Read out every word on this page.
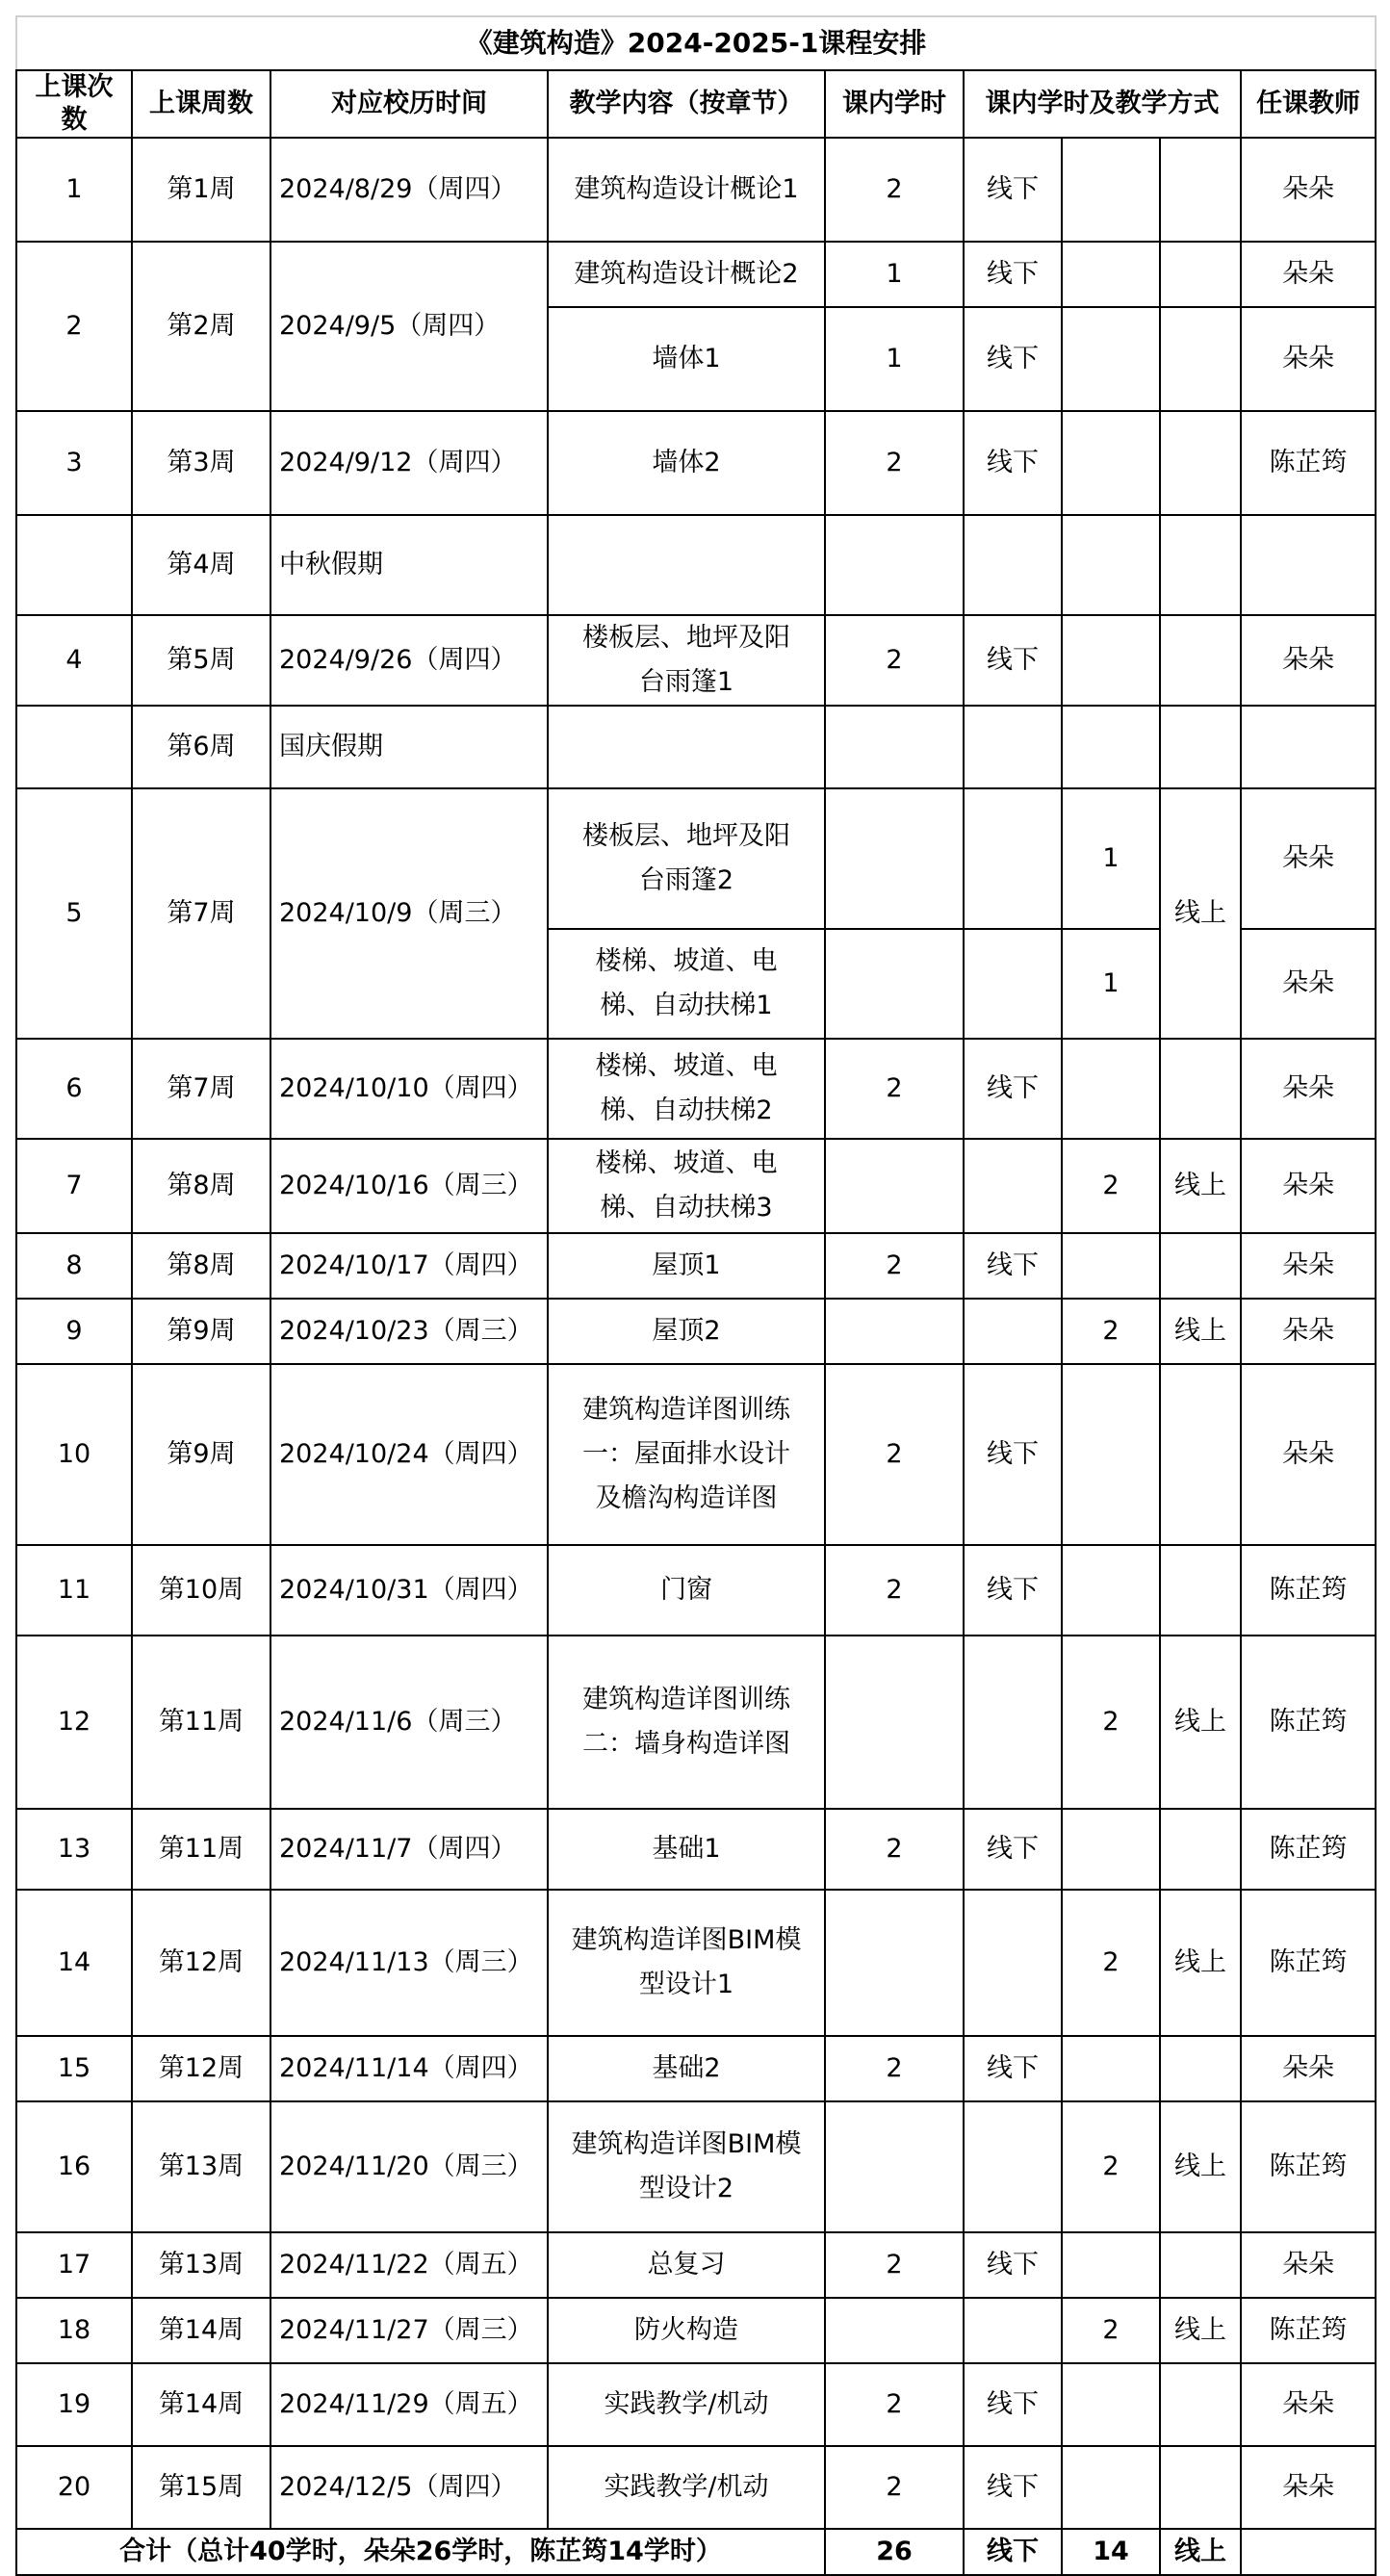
《建筑构造》2024-2025-1课程安排								
上课次数	上课周数	对应校历时间	教学内容（按章节）	课内学时	课内学时及教学方式			任课教师
1	第1周	2024/8/29（周四）	建筑构造设计概论1	2	线下			朵朵
2	第2周	2024/9/5（周四）	建筑构造设计概论2	1	线下			朵朵
			墙体1	1	线下			朵朵
3	第3周	2024/9/12（周四）	墙体2	2	线下			陈芷筠
	第4周	中秋假期						
4	第5周	2024/9/26（周四）	楼板层、地坪及阳台雨篷1	2	线下			朵朵
	第6周	国庆假期						
5	第7周	2024/10/9（周三）	楼板层、地坪及阳台雨篷2			1	线上	朵朵
			楼梯、坡道、电梯、自动扶梯1			1		朵朵
6	第7周	2024/10/10（周四）	楼梯、坡道、电梯、自动扶梯2	2	线下			朵朵
7	第8周	2024/10/16（周三）	楼梯、坡道、电梯、自动扶梯3			2	线上	朵朵
8	第8周	2024/10/17（周四）	屋顶1	2	线下			朵朵
9	第9周	2024/10/23（周三）	屋顶2			2	线上	朵朵
10	第9周	2024/10/24（周四）	建筑构造详图训练一：屋面排水设计及檐沟构造详图	2	线下			朵朵
11	第10周	2024/10/31（周四）	门窗	2	线下			陈芷筠
12	第11周	2024/11/6（周三）	建筑构造详图训练二：墙身构造详图			2	线上	陈芷筠
13	第11周	2024/11/7（周四）	基础1	2	线下			陈芷筠
14	第12周	2024/11/13（周三）	建筑构造详图BIM模型设计1			2	线上	陈芷筠
15	第12周	2024/11/14（周四）	基础2	2	线下			朵朵
16	第13周	2024/11/20（周三）	建筑构造详图BIM模型设计2			2	线上	陈芷筠
17	第13周	2024/11/22（周五）	总复习	2	线下			朵朵
18	第14周	2024/11/27（周三）	防火构造			2	线上	陈芷筠
19	第14周	2024/11/29（周五）	实践教学/机动	2	线下			朵朵
20	第15周	2024/12/5（周四）	实践教学/机动	2	线下			朵朵
合计（总计40学时，朵朵26学时，陈芷筠14学时）				26	线下	14	线上	
